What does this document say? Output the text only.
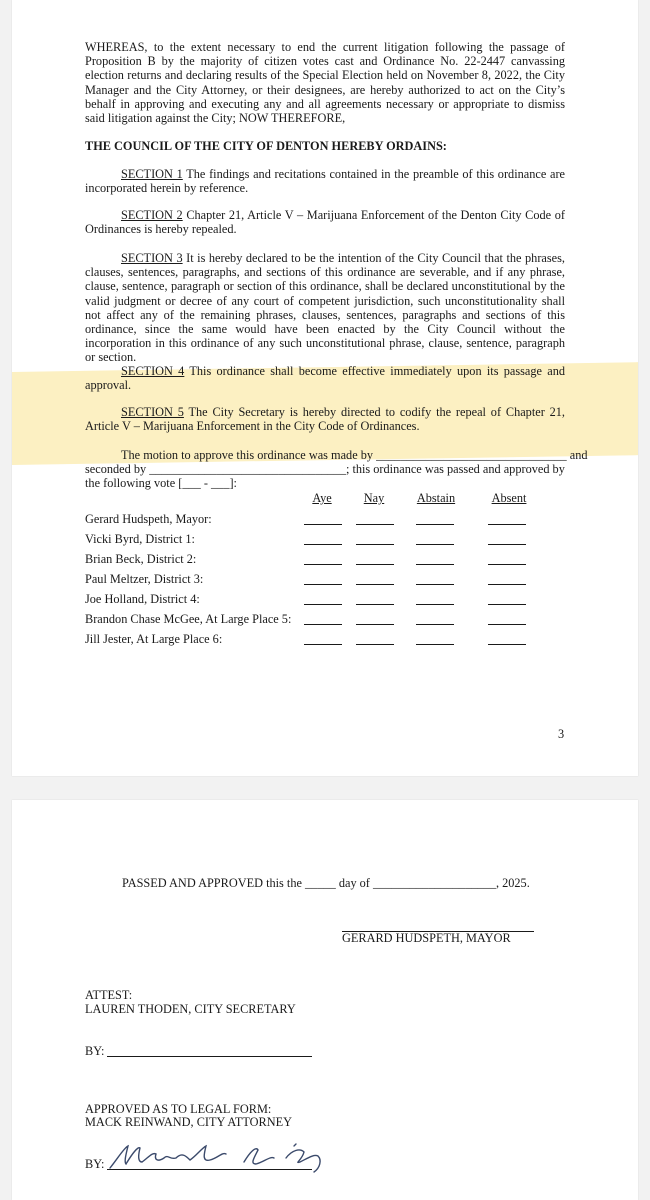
WHEREAS, to the extent necessary to end the current litigation following the passage of Proposition B by the majority of citizen votes cast and Ordinance No. 22-2447 canvassing election returns and declaring results of the Special Election held on November 8, 2022, the City Manager and the City Attorney, or their designees, are hereby authorized to act on the City’s behalf in approving and executing any and all agreements necessary or appropriate to dismiss said litigation against the City; NOW THEREFORE,
THE COUNCIL OF THE CITY OF DENTON HEREBY ORDAINS:
SECTION 1 The findings and recitations contained in the preamble of this ordinance are incorporated herein by reference.
SECTION 2 Chapter 21, Article V – Marijuana Enforcement of the Denton City Code of Ordinances is hereby repealed.
SECTION 3 It is hereby declared to be the intention of the City Council that the phrases, clauses, sentences, paragraphs, and sections of this ordinance are severable, and if any phrase, clause, sentence, paragraph or section of this ordinance, shall be declared unconstitutional by the valid judgment or decree of any court of competent jurisdiction, such unconstitutionality shall not affect any of the remaining phrases, clauses, sentences, paragraphs and sections of this ordinance, since the same would have been enacted by the City Council without the incorporation in this ordinance of any such unconstitutional phrase, clause, sentence, paragraph or section.
SECTION 4 This ordinance shall become effective immediately upon its passage and approval.
SECTION 5 The City Secretary is hereby directed to codify the repeal of Chapter 21, Article V – Marijuana Enforcement in the City Code of Ordinances.
The motion to approve this ordinance was made by _______________________________ and
seconded by ________________________________; this ordinance was passed and approved by
the following vote [___ - ___]:
Aye	Nay	Abstain	Absent
Gerard Hudspeth, Mayor:
Vicki Byrd, District 1:
Brian Beck, District 2:
Paul Meltzer, District 3:
Joe Holland, District 4:
Brandon Chase McGee, At Large Place 5:
Jill Jester, At Large Place 6:
3
PASSED AND APPROVED this the _____ day of ____________________, 2025.
GERARD HUDSPETH, MAYOR
ATTEST:
LAUREN THODEN, CITY SECRETARY
BY:
APPROVED AS TO LEGAL FORM:
MACK REINWAND, CITY ATTORNEY
BY:
